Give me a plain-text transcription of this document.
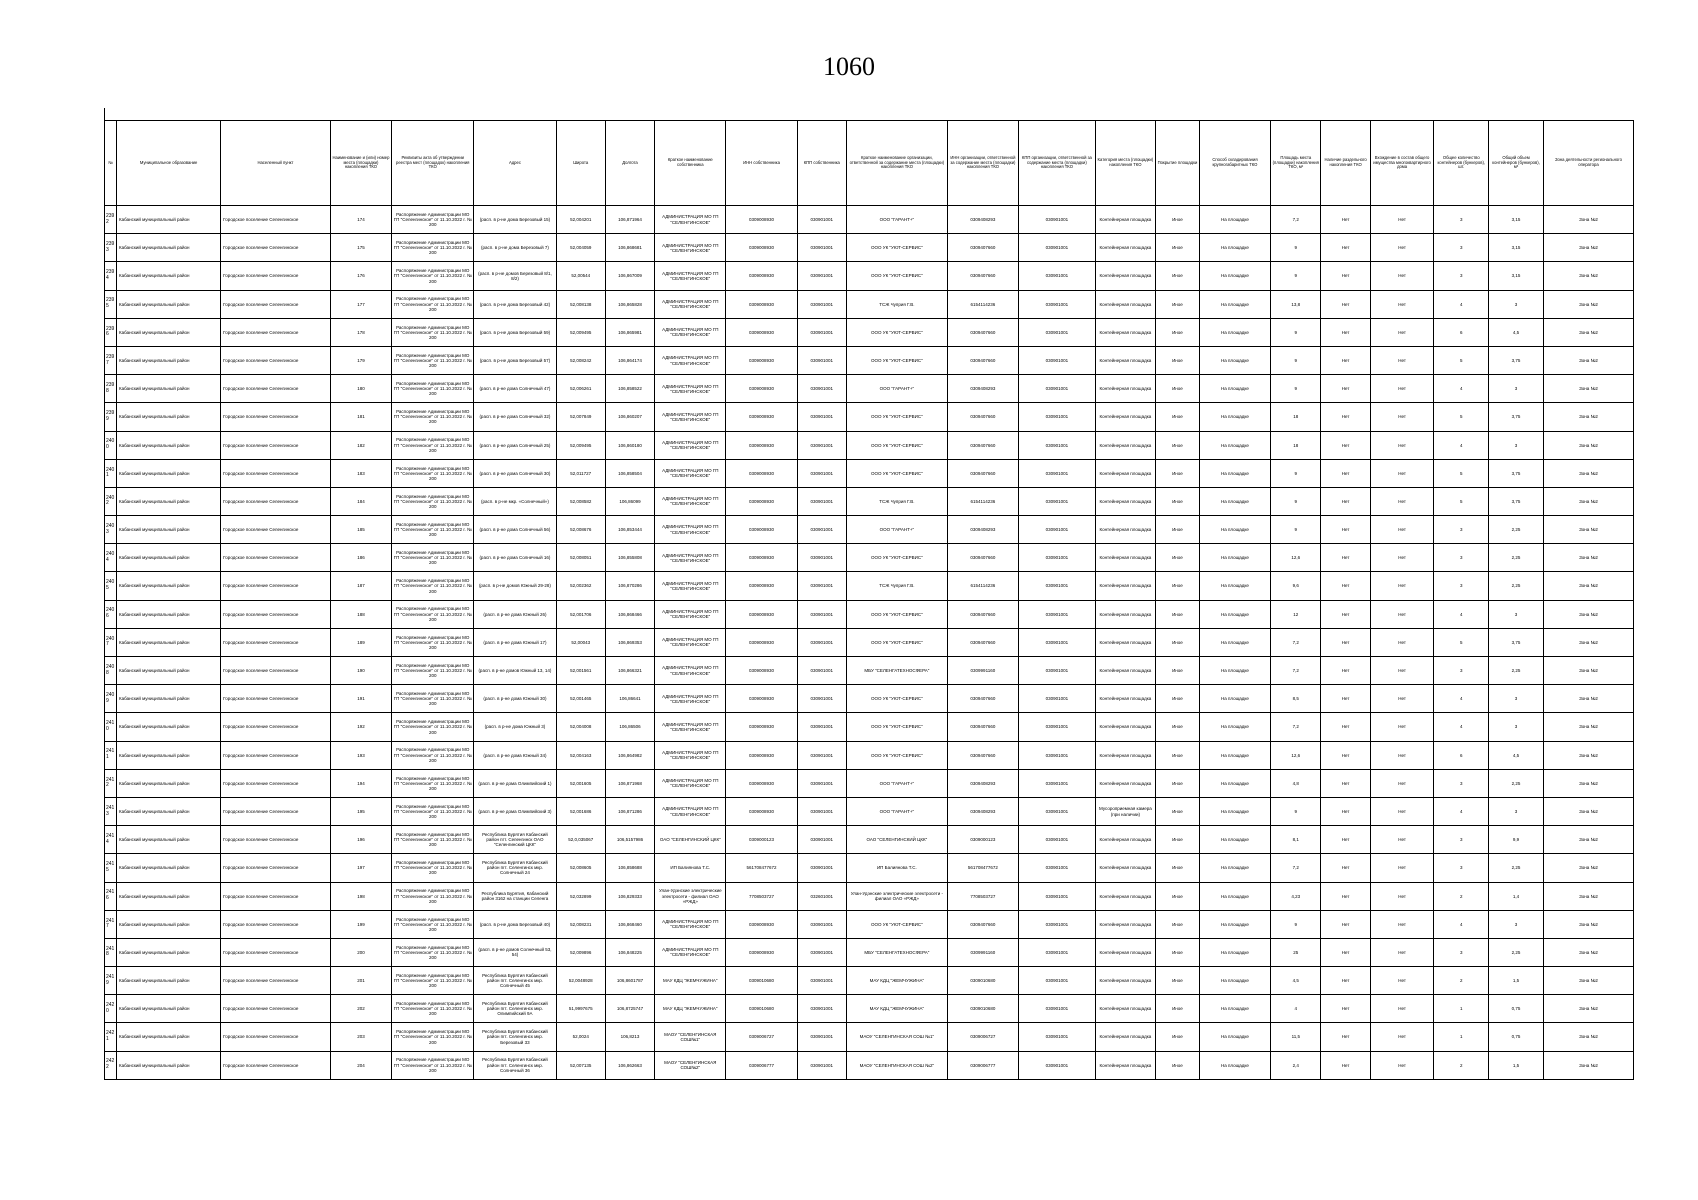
1060
№	Муниципальное образование	Населенный пункт	Наименование и (или) номер места (площадки) накопления ТКО	Реквизиты акта об утверждении реестра мест (площадок) накопления ТКО	Адрес	Широта	Долгота	Краткое наименование собственника	ИНН собственника	КПП собственника	Краткое наименование организации, ответственной за содержание места (площадки) накопления ТКО	ИНН организации, ответственной за содержание места (площадки) накопления ТКО	КПП организации, ответственной за содержание места (площадки) накопления ТКО	Категория места (площадки) накопления ТКО	Покрытие площадки	Способ складирования крупногабаритных ТКО	Площадь места (площадки) накопления ТКО, м²	Наличие раздельного накопления ТКО	Вхождение в состав общего имущества многоквартирного дома	Общее количество контейнеров (бункеров), шт.	Общий объем контейнеров (бункеров), м³	Зона деятельности регионального оператора
2392	Кабанский муниципальный район	Городское поселение Селенгинское	174	Распоряжение Администрации МО ГП "Селенгинское" от 11.10.2022 г. № 200	(расп. в р-не дома Березовый 15)	52,004201	106,871964	АДМИНИСТРАЦИЯ МО ГП "СЕЛЕНГИНСКОЕ"	0309008930	030901001	ООО "ГАРАНТ+"	0309408293	030901001	Контейнерная площадка	Иное	На площадке	7,2	Нет	Нет	3	3,15	Зона №2
2393	Кабанский муниципальный район	Городское поселение Селенгинское	175	Распоряжение Администрации МО ГП "Селенгинское" от 11.10.2022 г. № 200	(расп. в р-не дома Березовый 7)	52,004059	106,868681	АДМИНИСТРАЦИЯ МО ГП "СЕЛЕНГИНСКОЕ"	0309008930	030901001	ООО УК "УЮТ-СЕРВИС"	0309407660	030901001	Контейнерная площадка	Иное	На площадке	9	Нет	Нет	3	3,15	Зона №2
2394	Кабанский муниципальный район	Городское поселение Селенгинское	176	Распоряжение Администрации МО ГП "Селенгинское" от 11.10.2022 г. № 200	(расп. в р-не домов Березовый 8/1, 8/2)	52,00544	106,867009	АДМИНИСТРАЦИЯ МО ГП "СЕЛЕНГИНСКОЕ"	0309008930	030901001	ООО УК "УЮТ-СЕРВИС"	0309407660	030901001	Контейнерная площадка	Иное	На площадке	9	Нет	Нет	3	3,15	Зона №2
2395	Кабанский муниципальный район	Городское поселение Селенгинское	177	Распоряжение Администрации МО ГП "Селенгинское" от 11.10.2022 г. № 200	(расп. в р-не дома Березовый 42)	52,008138	106,865828	АДМИНИСТРАЦИЯ МО ГП "СЕЛЕНГИНСКОЕ"	0309008930	030901001	ТСЖ Чуприя Г.В.	6154114236	030901001	Контейнерная площадка	Иное	На площадке	13,8	Нет	Нет	4	3	Зона №2
2396	Кабанский муниципальный район	Городское поселение Селенгинское	178	Распоряжение Администрации МО ГП "Селенгинское" от 11.10.2022 г. № 200	(расп. в р-не дома Березовый 59)	52,009495	106,865981	АДМИНИСТРАЦИЯ МО ГП "СЕЛЕНГИНСКОЕ"	0309008930	030901001	ООО УК "УЮТ-СЕРВИС"	0309407660	030901001	Контейнерная площадка	Иное	На площадке	9	Нет	Нет	6	4,5	Зона №2
2397	Кабанский муниципальный район	Городское поселение Селенгинское	179	Распоряжение Администрации МО ГП "Селенгинское" от 11.10.2022 г. № 200	(расп. в р-не дома Березовый 57)	52,008242	106,864174	АДМИНИСТРАЦИЯ МО ГП "СЕЛЕНГИНСКОЕ"	0309008930	030901001	ООО УК "УЮТ-СЕРВИС"	0309407660	030901001	Контейнерная площадка	Иное	На площадке	9	Нет	Нет	5	3,75	Зона №2
2398	Кабанский муниципальный район	Городское поселение Селенгинское	180	Распоряжение Администрации МО ГП "Селенгинское" от 11.10.2022 г. № 200	(расп. в р-не дома Солнечный 47)	52,006261	106,858522	АДМИНИСТРАЦИЯ МО ГП "СЕЛЕНГИНСКОЕ"	0309008930	030901001	ООО "ГАРАНТ+"	0309408293	030901001	Контейнерная площадка	Иное	На площадке	9	Нет	Нет	4	3	Зона №2
2399	Кабанский муниципальный район	Городское поселение Селенгинское	181	Распоряжение Администрации МО ГП "Селенгинское" от 11.10.2022 г. № 200	(расп. в р-не дома Солнечный 32)	52,007849	106,860207	АДМИНИСТРАЦИЯ МО ГП "СЕЛЕНГИНСКОЕ"	0309008930	030901001	ООО УК "УЮТ-СЕРВИС"	0309407660	030901001	Контейнерная площадка	Иное	На площадке	18	Нет	Нет	5	3,75	Зона №2
2400	Кабанский муниципальный район	Городское поселение Селенгинское	182	Распоряжение Администрации МО ГП "Селенгинское" от 11.10.2022 г. № 200	(расп. в р-не дома Солнечный 25)	52,009495	106,860180	АДМИНИСТРАЦИЯ МО ГП "СЕЛЕНГИНСКОЕ"	0309008930	030901001	ООО УК "УЮТ-СЕРВИС"	0309407660	030901001	Контейнерная площадка	Иное	На площадке	18	Нет	Нет	4	3	Зона №2
2401	Кабанский муниципальный район	Городское поселение Селенгинское	183	Распоряжение Администрации МО ГП "Селенгинское" от 11.10.2022 г. № 200	(расп. в р-не дома Солнечный 30)	52,011727	106,858504	АДМИНИСТРАЦИЯ МО ГП "СЕЛЕНГИНСКОЕ"	0309008930	030901001	ООО УК "УЮТ-СЕРВИС"	0309407660	030901001	Контейнерная площадка	Иное	На площадке	9	Нет	Нет	5	3,75	Зона №2
2402	Кабанский муниципальный район	Городское поселение Селенгинское	184	Распоряжение Администрации МО ГП "Селенгинское" от 11.10.2022 г. № 200	(расп. в р-не мкр. «Солнечный»)	52,008582	106,86099	АДМИНИСТРАЦИЯ МО ГП "СЕЛЕНГИНСКОЕ"	0309008930	030901001	ТСЖ Чуприя Г.В.	6154114236	030901001	Контейнерная площадка	Иное	На площадке	9	Нет	Нет	5	3,75	Зона №2
2403	Кабанский муниципальный район	Городское поселение Селенгинское	185	Распоряжение Администрации МО ГП "Селенгинское" от 11.10.2022 г. № 200	(расп. в р-не дома Солнечный 56)	52,008676	106,853444	АДМИНИСТРАЦИЯ МО ГП "СЕЛЕНГИНСКОЕ"	0309008930	030901001	ООО "ГАРАНТ+"	0309408293	030901001	Контейнерная площадка	Иное	На площадке	9	Нет	Нет	3	2,25	Зона №2
2404	Кабанский муниципальный район	Городское поселение Селенгинское	186	Распоряжение Администрации МО ГП "Селенгинское" от 11.10.2022 г. № 200	(расп. в р-не дома Солнечный 16)	52,008051	106,855808	АДМИНИСТРАЦИЯ МО ГП "СЕЛЕНГИНСКОЕ"	0309008930	030901001	ООО УК "УЮТ-СЕРВИС"	0309407660	030901001	Контейнерная площадка	Иное	На площадке	12,6	Нет	Нет	3	2,25	Зона №2
2405	Кабанский муниципальный район	Городское поселение Селенгинское	187	Распоряжение Администрации МО ГП "Селенгинское" от 11.10.2022 г. № 200	(расп. в р-не домов Южный 29-28)	52,002362	106,870286	АДМИНИСТРАЦИЯ МО ГП "СЕЛЕНГИНСКОЕ"	0309008930	030901001	ТСЖ Чуприя Г.В.	6154114236	030901001	Контейнерная площадка	Иное	На площадке	9,6	Нет	Нет	3	2,25	Зона №2
2406	Кабанский муниципальный район	Городское поселение Селенгинское	188	Распоряжение Администрации МО ГП "Селенгинское" от 11.10.2022 г. № 200	(расп. в р-не дома Южный 26)	52,001706	106,868466	АДМИНИСТРАЦИЯ МО ГП "СЕЛЕНГИНСКОЕ"	0309008930	030901001	ООО УК "УЮТ-СЕРВИС"	0309407660	030901001	Контейнерная площадка	Иное	На площадке	12	Нет	Нет	4	3	Зона №2
2407	Кабанский муниципальный район	Городское поселение Селенгинское	189	Распоряжение Администрации МО ГП "Селенгинское" от 11.10.2022 г. № 200	(расп. в р-не дома Южный 17)	52,00043	106,869353	АДМИНИСТРАЦИЯ МО ГП "СЕЛЕНГИНСКОЕ"	0309008930	030901001	ООО УК "УЮТ-СЕРВИС"	0309407660	030901001	Контейнерная площадка	Иное	На площадке	7,2	Нет	Нет	5	3,75	Зона №2
2408	Кабанский муниципальный район	Городское поселение Селенгинское	190	Распоряжение Администрации МО ГП "Селенгинское" от 11.10.2022 г. № 200	(расп. в р-не домов Южный 13, 14)	52,001561	106,866321	АДМИНИСТРАЦИЯ МО ГП "СЕЛЕНГИНСКОЕ"	0309008930	030901001	МБУ "СЕЛЕНГАТЕХНОСФЕРА"	0309991160	030901001	Контейнерная площадка	Иное	На площадке	7,2	Нет	Нет	3	2,25	Зона №2
2409	Кабанский муниципальный район	Городское поселение Селенгинское	191	Распоряжение Администрации МО ГП "Селенгинское" от 11.10.2022 г. № 200	(расп. в р-не дома Южный 30)	52,001465	106,86641	АДМИНИСТРАЦИЯ МО ГП "СЕЛЕНГИНСКОЕ"	0309008930	030901001	ООО УК "УЮТ-СЕРВИС"	0309407660	030901001	Контейнерная площадка	Иное	На площадке	8,5	Нет	Нет	4	3	Зона №2
2410	Кабанский муниципальный район	Городское поселение Селенгинское	192	Распоряжение Администрации МО ГП "Селенгинское" от 11.10.2022 г. № 200	(расп. в р-не дома Южный 3)	52,004008	106,86506	АДМИНИСТРАЦИЯ МО ГП "СЕЛЕНГИНСКОЕ"	0309008930	030901001	ООО УК "УЮТ-СЕРВИС"	0309407660	030901001	Контейнерная площадка	Иное	На площадке	7,2	Нет	Нет	4	3	Зона №2
2411	Кабанский муниципальный район	Городское поселение Селенгинское	193	Распоряжение Администрации МО ГП "Селенгинское" от 11.10.2022 г. № 200	(расп. в р-не дома Южный 34)	52,004163	106,864982	АДМИНИСТРАЦИЯ МО ГП "СЕЛЕНГИНСКОЕ"	0309008930	030901001	ООО УК "УЮТ-СЕРВИС"	0309407660	030901001	Контейнерная площадка	Иное	На площадке	12,6	Нет	Нет	6	4,5	Зона №2
2412	Кабанский муниципальный район	Городское поселение Селенгинское	194	Распоряжение Администрации МО ГП "Селенгинское" от 11.10.2022 г. № 200	(расп. в р-не дома Олимпийский 1)	52,001605	106,871968	АДМИНИСТРАЦИЯ МО ГП "СЕЛЕНГИНСКОЕ"	0309008930	030901001	ООО "ГАРАНТ+"	0309408293	030901001	Контейнерная площадка	Иное	На площадке	4,8	Нет	Нет	3	2,25	Зона №2
2413	Кабанский муниципальный район	Городское поселение Селенгинское	195	Распоряжение Администрации МО ГП "Селенгинское" от 11.10.2022 г. № 200	(расп. в р-не дома Олимпийский 3)	52,001686	106,871286	АДМИНИСТРАЦИЯ МО ГП "СЕЛЕНГИНСКОЕ"	0309008930	030901001	ООО "ГАРАНТ+"	0309408293	030901001	Мусороприемная камера (при наличии)	Иное	На площадке	9	Нет	Нет	4	3	Зона №2
2414	Кабанский муниципальный район	Городское поселение Селенгинское	196	Распоряжение Администрации МО ГП "Селенгинское" от 11.10.2022 г. № 200	Республика Бурятия Кабанский район пгт. Селенгинск ОАО "Селенгинский ЦКК"	52,0,035067	106,5157986	ОАО "СЕЛЕНГИНСКИЙ ЦКК"	0309000123	030901001	ОАО "СЕЛЕНГИНСКИЙ ЦКК"	0309000123	030901001	Контейнерная площадка	Иное	На площадке	8,1	Нет	Нет	3	9,9	Зона №2
2415	Кабанский муниципальный район	Городское поселение Селенгинское	197	Распоряжение Администрации МО ГП "Селенгинское" от 11.10.2022 г. № 200	Республика Бурятия Кабанский район пгт. Селенгинск мкр. Солнечный 24	52,008605	106,858688	ИП Балиянова Т.С.	561708477672	030901001	ИП Балиянова Т.С.	561708477672	030901001	Контейнерная площадка	Иное	На площадке	7,2	Нет	Нет	3	2,25	Зона №2
2416	Кабанский муниципальный район	Городское поселение Селенгинское	198	Распоряжение Администрации МО ГП "Селенгинское" от 11.10.2022 г. № 200	Республика Бурятия, Кабанский район 3162 на станции Селенга	52,032899	106,829333	Улан-Удэнские электрические электросети - филиал ОАО «РЖД»	7708503727	032601001	Улан-Удэнские электрические электросети - филиал ОАО «РЖД»	7708503727	030901001	Контейнерная площадка	Иное	На площадке	4,23	Нет	Нет	2	1,4	Зона №2
2417	Кабанский муниципальный район	Городское поселение Селенгинское	199	Распоряжение Администрации МО ГП "Селенгинское" от 11.10.2022 г. № 200	(расп. в р-не дома Березовый 40)	52,008231	106,868460	АДМИНИСТРАЦИЯ МО ГП "СЕЛЕНГИНСКОЕ"	0309008930	030901001	ООО УК "УЮТ-СЕРВИС"	0309407660	030901001	Контейнерная площадка	Иное	На площадке	9	Нет	Нет	4	3	Зона №2
2418	Кабанский муниципальный район	Городское поселение Селенгинское	200	Распоряжение Администрации МО ГП "Селенгинское" от 11.10.2022 г. № 200	(расп. в р-не домов Солнечный 53, 54)	52,009896	106,848225	АДМИНИСТРАЦИЯ МО ГП "СЕЛЕНГИНСКОЕ"	0309008930	030901001	МБУ "СЕЛЕНГАТЕХНОСФЕРА"	0309991160	030901001	Контейнерная площадка	Иное	На площадке	25	Нет	Нет	3	2,25	Зона №2
2419	Кабанский муниципальный район	Городское поселение Селенгинское	201	Распоряжение Администрации МО ГП "Селенгинское" от 11.10.2022 г. № 200	Республика Бурятия Кабанский район пгт. Селенгинск мкр. Солнечный 45	52,0048928	106,8601787	МАУ КДЦ "ЖЕМЧУЖИНА"	0309010680	030901001	МАУ КДЦ "ЖЕМЧУЖИНА"	0309010680	030901001	Контейнерная площадка	Иное	На площадке	4,5	Нет	Нет	2	1,5	Зона №2
2420	Кабанский муниципальный район	Городское поселение Селенгинское	202	Распоряжение Администрации МО ГП "Селенгинское" от 11.10.2022 г. № 200	Республика Бурятия Кабанский район пгт. Селенгинск мкр. Олимпийский 9А	51,9997675	106,8725747	МАУ КДЦ "ЖЕМЧУЖИНА"	0309010680	030901001	МАУ КДЦ "ЖЕМЧУЖИНА"	0309010680	030901001	Контейнерная площадка	Иное	На площадке	4	Нет	Нет	1	0,75	Зона №2
2421	Кабанский муниципальный район	Городское поселение Селенгинское	203	Распоряжение Администрации МО ГП "Селенгинское" от 11.10.2022 г. № 200	Республика Бурятия Кабанский район пгт. Селенгинск мкр. Березовый 33	52,0024	106,8213	МАОУ "СЕЛЕНГИНСКАЯ СОШ№1"	0309006727	030901001	МАОУ "СЕЛЕНГИНСКАЯ СОШ №1"	0309006727	030901001	Контейнерная площадка	Иное	На площадке	11,5	Нет	Нет	1	0,75	Зона №2
2422	Кабанский муниципальный район	Городское поселение Селенгинское	204	Распоряжение Администрации МО ГП "Селенгинское" от 11.10.2022 г. № 200	Республика Бурятия Кабанский район пгт. Селенгинск мкр. Солнечный 36	52,007135	106,862663	МАОУ "СЕЛЕНГИНСКАЯ СОШ№2"	0309006777	030901001	МАОУ "СЕЛЕНГИНСКАЯ СОШ №2"	0309006777	030901001	Контейнерная площадка	Иное	На площадке	2,4	Нет	Нет	2	1,5	Зона №2
